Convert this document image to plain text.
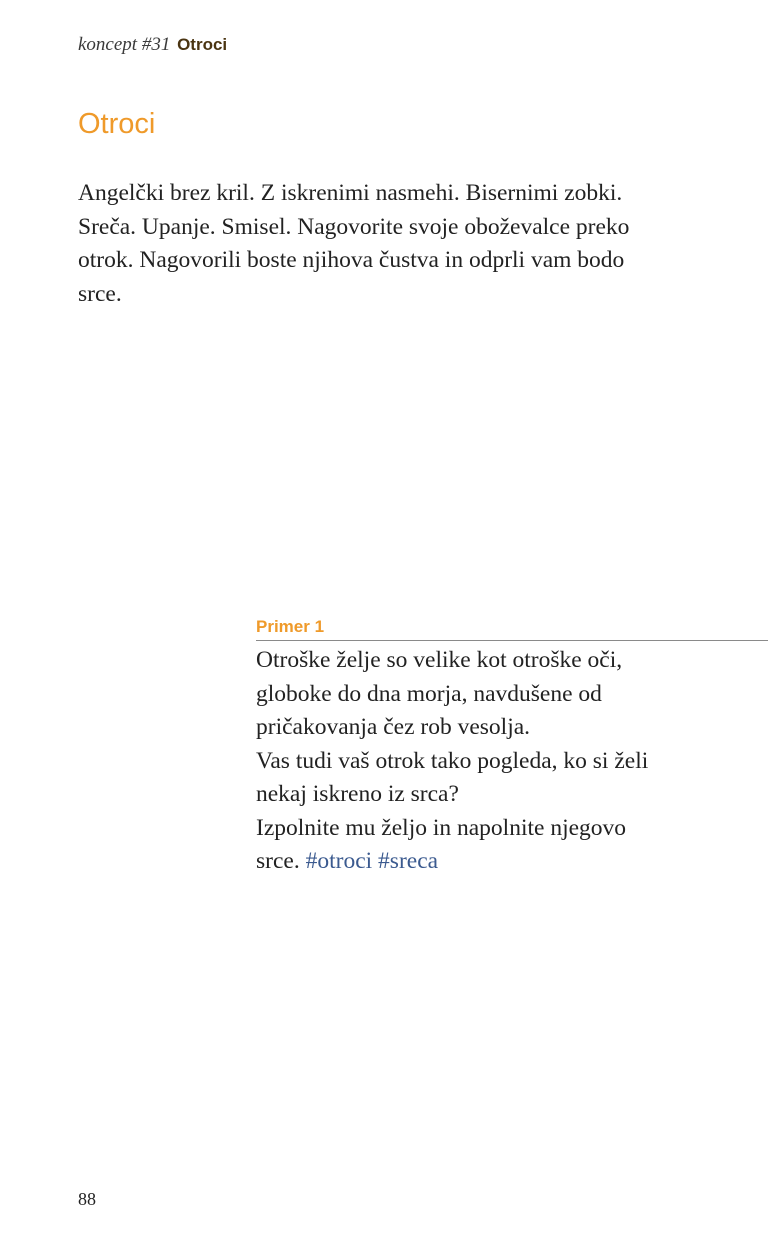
koncept #31 Otroci
Otroci

Angelčki brez kril. Z iskrenimi nasmehi. Bisernimi zobki.
Sreča. Upanje. Smisel. Nagovorite svoje oboževalce preko
otrok. Nagovorili boste njihova čustva in odprli vam bodo
srce.

Primer 1
Otroške želje so velike kot otroške oči,
globoke do dna morja, navdušene od
pričakovanja čez rob vesolja.
Vas tudi vaš otrok tako pogleda, ko si želi
nekaj iskreno iz srca?
Izpolnite mu željo in napolnite njegovo
srce. #otroci #sreca
88
